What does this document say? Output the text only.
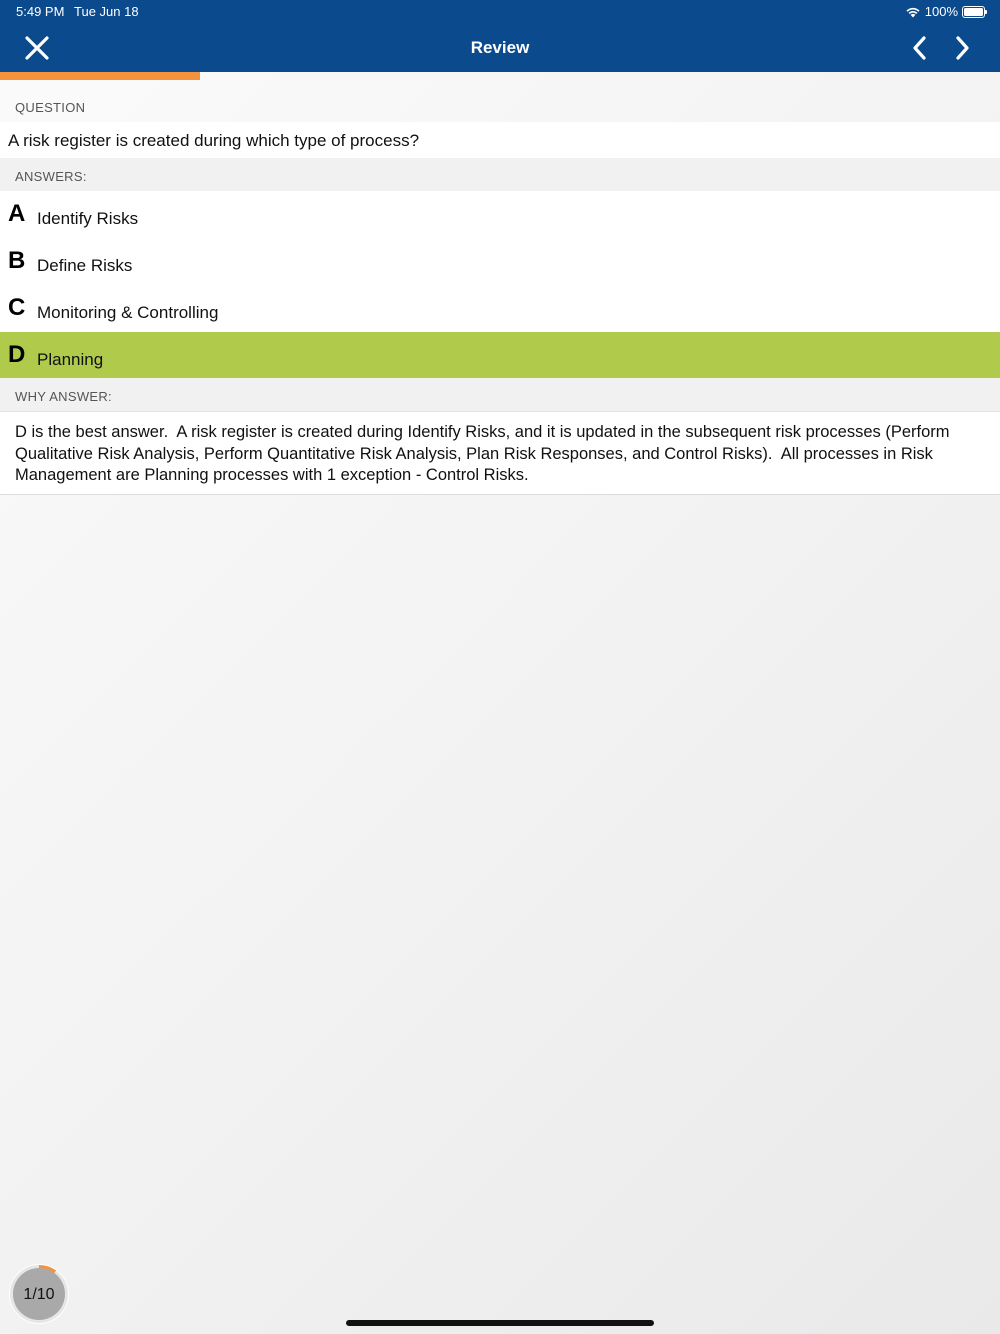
5:49 PM Tue Jun 18	100%
Review
QUESTION
A risk register is created during which type of process?
ANSWERS:
A Identify Risks
B Define Risks
C Monitoring & Controlling
D Planning
WHY ANSWER:
D is the best answer.  A risk register is created during Identify Risks, and it is updated in the subsequent risk processes (Perform Qualitative Risk Analysis, Perform Quantitative Risk Analysis, Plan Risk Responses, and Control Risks).  All processes in Risk Management are Planning processes with 1 exception - Control Risks.
1/10
